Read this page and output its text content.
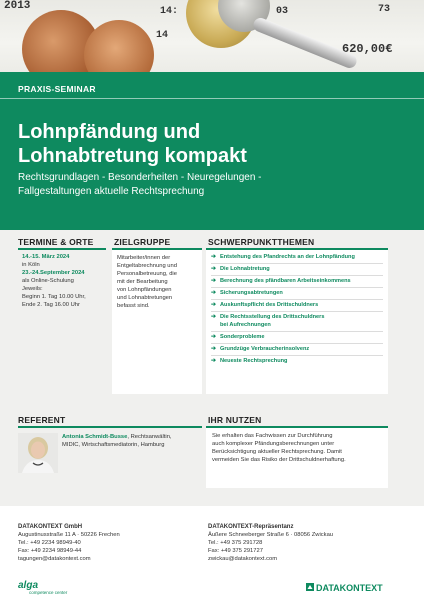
2013	14:	03	73
14
620,00€
PRAXIS-SEMINAR
Lohnpfändung und
Lohnabtretung kompakt
Rechtsgrundlagen - Besonderheiten - Neuregelungen -
Fallgestaltungen aktuelle Rechtsprechung
TERMINE & ORTE
14.-15. März 2024
in Köln
23.-24.September 2024
als Online-Schulung
Jeweils:
Beginn 1. Tag 10.00 Uhr,
Ende 2. Tag 16.00 Uhr
ZIELGRUPPE
Mitarbeiter/innen der
Entgeltabrechnung und
Personalbetreuung, die
mit der Bearbeitung
von Lohnpfändungen
und Lohnabtretungen
befasst sind.
SCHWERPUNKTTHEMEN
➔ Entstehung des Pfandrechts an der Lohnpfändung
➔ Die Lohnabtretung
➔ Berechnung des pfändbaren Arbeitseinkommens
➔ Sicherungsabtretungen
➔ Auskunftspflicht des Drittschuldners
➔ Die Rechtsstellung des Drittschuldners
bei Aufrechnungen
➔ Sonderprobleme
➔ Grundzüge Verbraucherinsolvenz
➔ Neueste Rechtsprechung
REFERENT
Antonia Schmidt-Busse, Rechtsanwältin,
MIDIC, Wirtschaftsmediatorin, Hamburg
IHR NUTZEN
Sie erhalten das Fachwissen zur Durchführung
auch komplexer Pfändungsberechnungen unter
Berücksichtigung aktueller Rechtsprechung. Damit
vermeiden Sie das Risiko der Drittschuldnerhaftung.
DATAKONTEXT GmbH
Augustinusstraße 11 A · 50226 Frechen
Tel.: +49 2234 98949-40
Fax: +49 2234 98949-44
tagungen@datakontext.com
DATAKONTEXT-Repräsentanz
Äußere Schneeberger Straße 6 · 08056 Zwickau
Tel.: +49 375 291728
Fax: +49 375 291727
zwickau@datakontext.com
alga
competence center	DATAKONTEXT
